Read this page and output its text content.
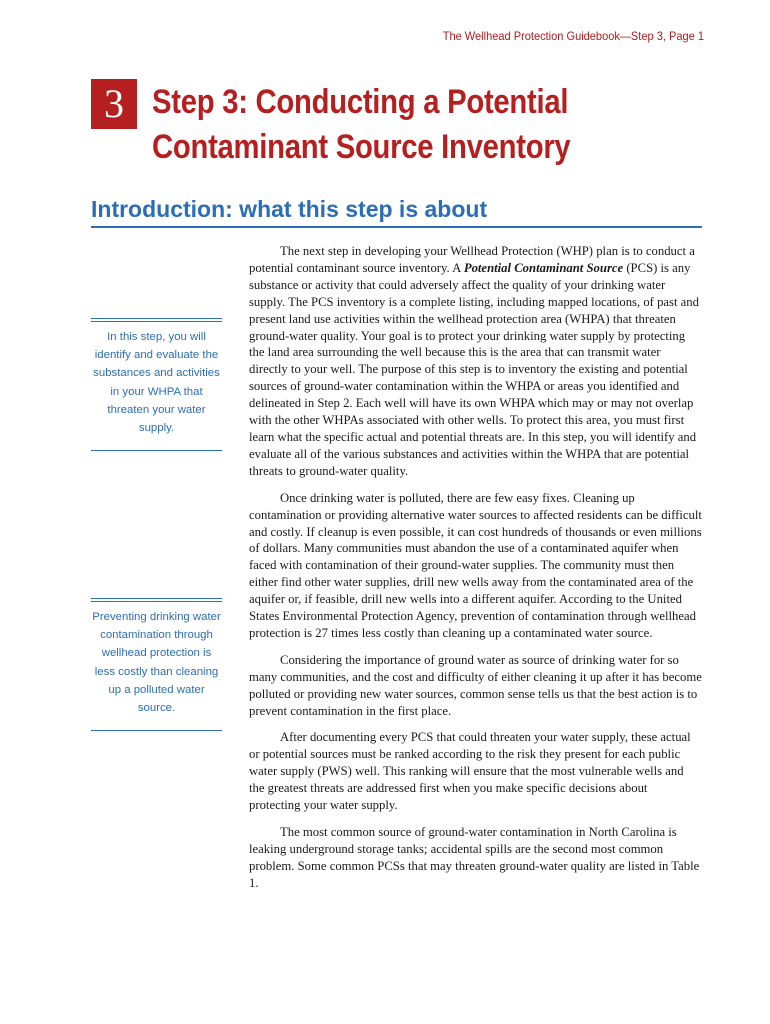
The Wellhead Protection Guidebook—Step 3, Page 1
3 Step 3: Conducting a Potential Contaminant Source Inventory
Introduction: what this step is about

In this step, you will identify and evaluate the substances and activities in your WHPA that threaten your water supply.

Preventing drinking water contamination through wellhead protection is less costly than cleaning up a polluted water source.

The next step in developing your Wellhead Protection (WHP) plan is to conduct a potential contaminant source inventory. A Potential Contaminant Source (PCS) is any substance or activity that could adversely affect the quality of your drinking water supply. The PCS inventory is a complete listing, including mapped locations, of past and present land use activities within the wellhead protection area (WHPA) that threaten ground-water quality. Your goal is to protect your drinking water supply by protecting the land area surrounding the well because this is the area that can transmit water directly to your well. The purpose of this step is to inventory the existing and potential sources of ground-water contamination within the WHPA or areas you identified and delineated in Step 2. Each well will have its own WHPA which may or may not overlap with the other WHPAs associated with other wells. To protect this area, you must first learn what the specific actual and potential threats are. In this step, you will identify and evaluate all of the various substances and activities within the WHPA that are potential threats to ground-water quality.

Once drinking water is polluted, there are few easy fixes. Cleaning up contamination or providing alternative water sources to affected residents can be difficult and costly. If cleanup is even possible, it can cost hundreds of thousands or even millions of dollars. Many communities must abandon the use of a contaminated aquifer when faced with contamination of their ground-water supplies. The community must then either find other water supplies, drill new wells away from the contaminated area of the aquifer or, if feasible, drill new wells into a different aquifer. According to the United States Environmental Protection Agency, prevention of contamination through wellhead protection is 27 times less costly than cleaning up a contaminated water source.

Considering the importance of ground water as source of drinking water for so many communities, and the cost and difficulty of either cleaning it up after it has become polluted or providing new water sources, common sense tells us that the best action is to prevent contamination in the first place.

After documenting every PCS that could threaten your water supply, these actual or potential sources must be ranked according to the risk they present for each public water supply (PWS) well. This ranking will ensure that the most vulnerable wells and the greatest threats are addressed first when you make specific decisions about protecting your water supply.

The most common source of ground-water contamination in North Carolina is leaking underground storage tanks; accidental spills are the second most common problem. Some common PCSs that may threaten ground-water quality are listed in Table 1.
